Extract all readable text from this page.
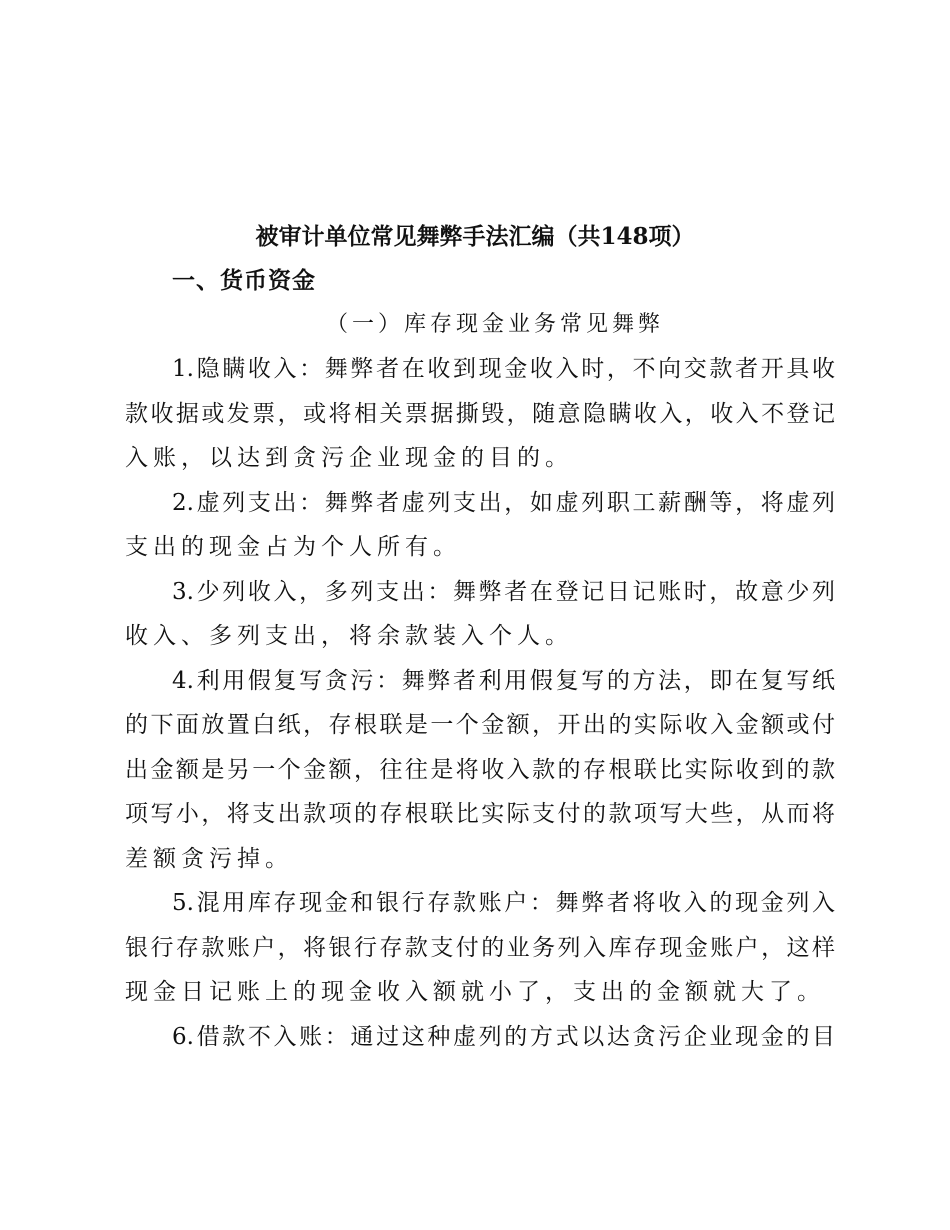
被审计单位常见舞弊手法汇编（共148项）
一、货币资金
（一）库存现金业务常见舞弊
1.隐瞒收入：舞弊者在收到现金收入时，不向交款者开具收
款收据或发票，或将相关票据撕毁，随意隐瞒收入，收入不登记
入账，以达到贪污企业现金的目的。
2.虚列支出：舞弊者虚列支出，如虚列职工薪酬等，将虚列
支出的现金占为个人所有。
3.少列收入，多列支出：舞弊者在登记日记账时，故意少列
收入、多列支出，将余款装入个人。
4.利用假复写贪污：舞弊者利用假复写的方法，即在复写纸
的下面放置白纸，存根联是一个金额，开出的实际收入金额或付
出金额是另一个金额，往往是将收入款的存根联比实际收到的款
项写小，将支出款项的存根联比实际支付的款项写大些，从而将
差额贪污掉。
5.混用库存现金和银行存款账户：舞弊者将收入的现金列入
银行存款账户，将银行存款支付的业务列入库存现金账户，这样
现金日记账上的现金收入额就小了，支出的金额就大了。
6.借款不入账：通过这种虚列的方式以达贪污企业现金的目
